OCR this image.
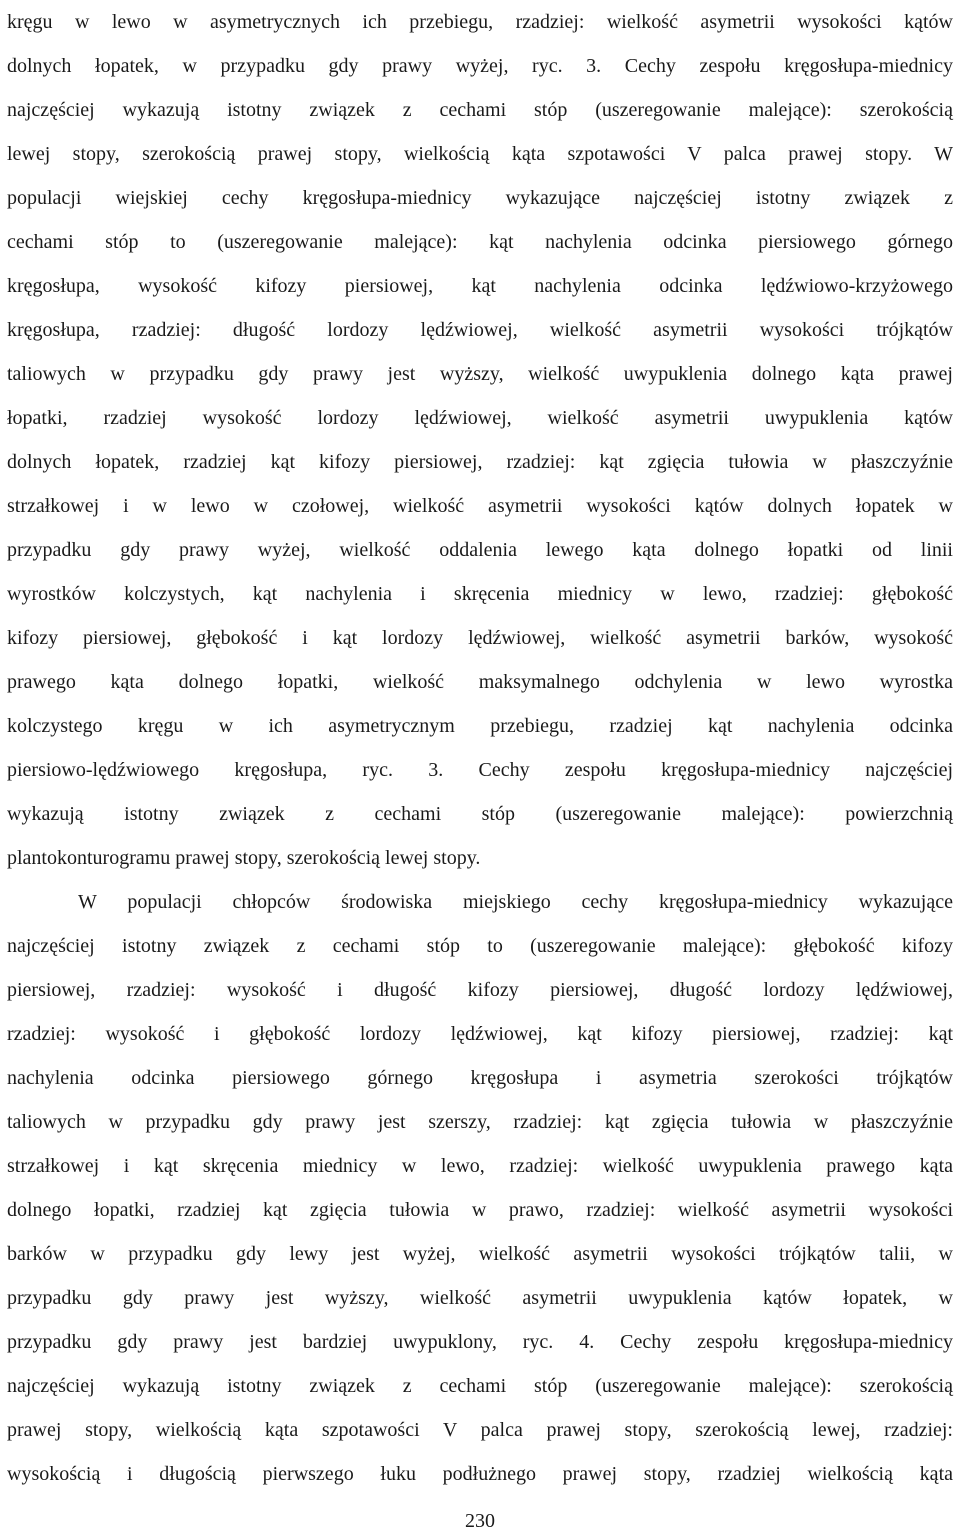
kręgu w lewo w asymetrycznych ich przebiegu, rzadziej: wielkość asymetrii wysokości kątów
dolnych łopatek, w przypadku gdy prawy wyżej, ryc. 3. Cechy zespołu kręgosłupa-miednicy
najczęściej wykazują istotny związek z cechami stóp (uszeregowanie malejące): szerokością
lewej stopy, szerokością prawej stopy, wielkością kąta szpotawości V palca prawej stopy. W
populacji wiejskiej cechy kręgosłupa-miednicy wykazujące najczęściej istotny związek z
cechami stóp to (uszeregowanie malejące): kąt nachylenia odcinka piersiowego górnego
kręgosłupa, wysokość kifozy piersiowej, kąt nachylenia odcinka lędźwiowo-krzyżowego
kręgosłupa, rzadziej: długość lordozy lędźwiowej, wielkość asymetrii wysokości trójkątów
taliowych w przypadku gdy prawy jest wyższy, wielkość uwypuklenia dolnego kąta prawej
łopatki, rzadziej wysokość lordozy lędźwiowej, wielkość asymetrii uwypuklenia kątów
dolnych łopatek, rzadziej kąt kifozy piersiowej, rzadziej: kąt zgięcia tułowia w płaszczyźnie
strzałkowej i w lewo w czołowej, wielkość asymetrii wysokości kątów dolnych łopatek w
przypadku gdy prawy wyżej, wielkość oddalenia lewego kąta dolnego łopatki od linii
wyrostków kolczystych, kąt nachylenia i skręcenia miednicy w lewo, rzadziej: głębokość
kifozy piersiowej, głębokość i kąt lordozy lędźwiowej, wielkość asymetrii barków, wysokość
prawego kąta dolnego łopatki, wielkość maksymalnego odchylenia w lewo wyrostka
kolczystego kręgu w ich asymetrycznym przebiegu, rzadziej kąt nachylenia odcinka
piersiowo-lędźwiowego kręgosłupa, ryc. 3. Cechy zespołu kręgosłupa-miednicy najczęściej
wykazują istotny związek z cechami stóp (uszeregowanie malejące): powierzchnią
plantokonturogramu prawej stopy, szerokością lewej stopy.
W populacji chłopców środowiska miejskiego cechy kręgosłupa-miednicy wykazujące
najczęściej istotny związek z cechami stóp to (uszeregowanie malejące): głębokość kifozy
piersiowej, rzadziej: wysokość i długość kifozy piersiowej, długość lordozy lędźwiowej,
rzadziej: wysokość i głębokość lordozy lędźwiowej, kąt kifozy piersiowej, rzadziej: kąt
nachylenia odcinka piersiowego górnego kręgosłupa i asymetria szerokości trójkątów
taliowych w przypadku gdy prawy jest szerszy, rzadziej: kąt zgięcia tułowia w płaszczyźnie
strzałkowej i kąt skręcenia miednicy w lewo, rzadziej: wielkość uwypuklenia prawego kąta
dolnego łopatki, rzadziej kąt zgięcia tułowia w prawo, rzadziej: wielkość asymetrii wysokości
barków w przypadku gdy lewy jest wyżej, wielkość asymetrii wysokości trójkątów talii, w
przypadku gdy prawy jest wyższy, wielkość asymetrii uwypuklenia kątów łopatek, w
przypadku gdy prawy jest bardziej uwypuklony, ryc. 4. Cechy zespołu kręgosłupa-miednicy
najczęściej wykazują istotny związek z cechami stóp (uszeregowanie malejące): szerokością
prawej stopy, wielkością kąta szpotawości V palca prawej stopy, szerokością lewej, rzadziej:
wysokością i długością pierwszego łuku podłużnego prawej stopy, rzadziej wielkością kąta
230
